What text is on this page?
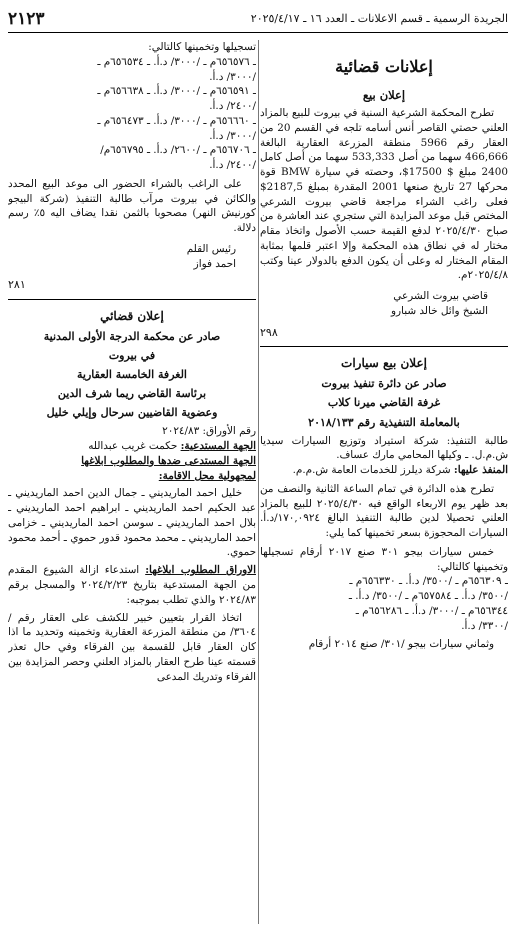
الجريدة الرسمية ـ قسم الاعلانات ـ العدد ١٦ ـ ٢٠٢٥/٤/١٧
٢١٢٣
إعلانات قضائية
إعلان بيع

تطرح المحكمة الشرعية السنية في بيروت للبيع بالمزاد العلني حصتي القاصر أنس أسامه تلجه في القسم 20 من العقار رقم 5966 منطقة المزرعة العقارية البالغة 466,666 سهما من أصل 533,333 سهما من أصل كامل 2400 مبلغ $ 17500$، وحصته في سيارة BMW قوة محركها 27 تاريخ صنعها 2001 المقدرة بمبلغ 2187,5$ فعلى راغب الشراء مراجعة قاضي بيروت الشرعي المختص قبل موعد المزايدة التي ستجري عند العاشرة من صباح ٢٠٢٥/٤/٣٠ لدفع القيمة حسب الأصول واتخاذ مقام مختار له في نطاق هذه المحكمة وإلا اعتبر قلمها بمثابة المقام المختار له وعلى أن يكون الدفع بالدولار عينا وكتب ٢٠٢٥/٤/٨م.

قاضي بيروت الشرعي
الشيخ وائل خالد شبارو
٢٩٨
إعلان بيع سيارات
صادر عن دائرة تنفيذ بيروت
غرفة القاضي ميرنا كلاب
بالمعاملة التنفيذية رقم ٢٠١٨/١٣٣

طالبة التنفيذ: شركة استيراد وتوزيع السيارات سيديا ش.م.ل. ـ وكيلها المحامي مارك عساف.

المنفذ عليها: شركة ديلرز للخدمات العامة ش.م.م.

تطرح هذه الدائرة في تمام الساعة الثانية والنصف من بعد ظهر يوم الاربعاء الواقع فيه ٢٠٢٥/٤/٣٠ للبيع بالمزاد العلني تحصيلا لدين طالبة التنفيذ البالغ ١٧٠,٠٩٢٤/د.أ. السيارات المحجوزة بسعر تخمينها كما يلي:

خمس سيارات بيجو ٣٠١ صنع ٢٠١٧ أرقام تسجيلها وتخمينها كالتالي:

ـ ٦٥٦٣٠٩م ـ /٣٥٠٠/ د.أ. ـ ٦٥٦٣٣٠م ـ
/٣٥٠٠/ د.أ. ـ ٦٥٧٥٨٤م ـ /٣٥٠٠/ د.أ. ـ
٦٥٦٣٤٤م ـ /٣٠٠٠/ د.أ. ـ ٦٥٦٢٨٦م ـ
/٣٣٠٠/ د.أ.
وثماني سيارات بيجو /٣٠١/ صنع ٢٠١٤ أرقام
تسجيلها وتخمينها كالتالي:
ـ ٦٥٦٥٧٦م ـ /٣٠٠٠/ د.أ. ـ ٦٥٦٥٣٤م ـ
/٣٠٠٠/ د.أ.
ـ ٦٥٦٥٩١م ـ /٣٠٠٠/ د.أ. ـ ٦٥٦٦٣٨م ـ
/٢٤٠٠/ د.أ.
ـ ٦٥٦٦٦٠م ـ /٣٠٠٠/ د.أ. ـ ٦٥٦٤٧٣م ـ
/٣٠٠٠/ د.أ.
ـ ٦٥٦٧٠٦م ـ /٢٦٠٠/ د.أ. ـ ٦٥٦٧٩٥م/
/٢٤٠٠/ د.أ.

على الراغب بالشراء الحضور الى موعد البيع المحدد والكائن في بيروت مرآب طالبة التنفيذ (شركة البيجو كورنيش النهر) مصحوبا بالثمن نقدا يضاف اليه ٥٪ رسم دلالة.

رئيس القلم
احمد فواز
٢٨١
إعلان قضائي
صادر عن محكمة الدرجة الأولى المدنية
في بيروت
الغرفة الخامسة العقارية
برئاسة القاضي ريما شرف الدين
وعضوية القاضيين سرحال وإيلي خليل

رقم الأوراق: ٢٠٢٤/٨٣

الجهة المستدعية: حكمت غريب عبدالله

الجهة المستدعى ضدها والمطلوب ابلاغها
لمجهولية محل الاقامة:

خليل احمد الماريديني ـ جمال الدين احمد الماريديني ـ عبد الحكيم احمد الماريديني ـ ابراهيم احمد الماريديني ـ بلال احمد الماريديني ـ سوسن احمد الماريديني ـ خزامى احمد الماريديني ـ محمد محمود قدور حموي ـ أحمد محمود حموي.

الاوراق المطلوب ابلاغها: استدعاء ازالة الشيوع المقدم من الجهة المستدعية بتاريخ ٢٠٢٤/٢/٢٣ والمسجل برقم ٢٠٢٤/٨٣ والذي تطلب بموجبه:

اتخاذ القرار بتعيين خبير للكشف على العقار رقم /٣٦٠٤/ من منطقة المزرعة العقارية وتخمينه وتحديد ما اذا كان العقار قابل للقسمة بين الفرقاء وفي حال تعذر قسمته عينا طرح العقار بالمزاد العلني وحصر المزايدة بين الفرقاء وتدريك المدعى
